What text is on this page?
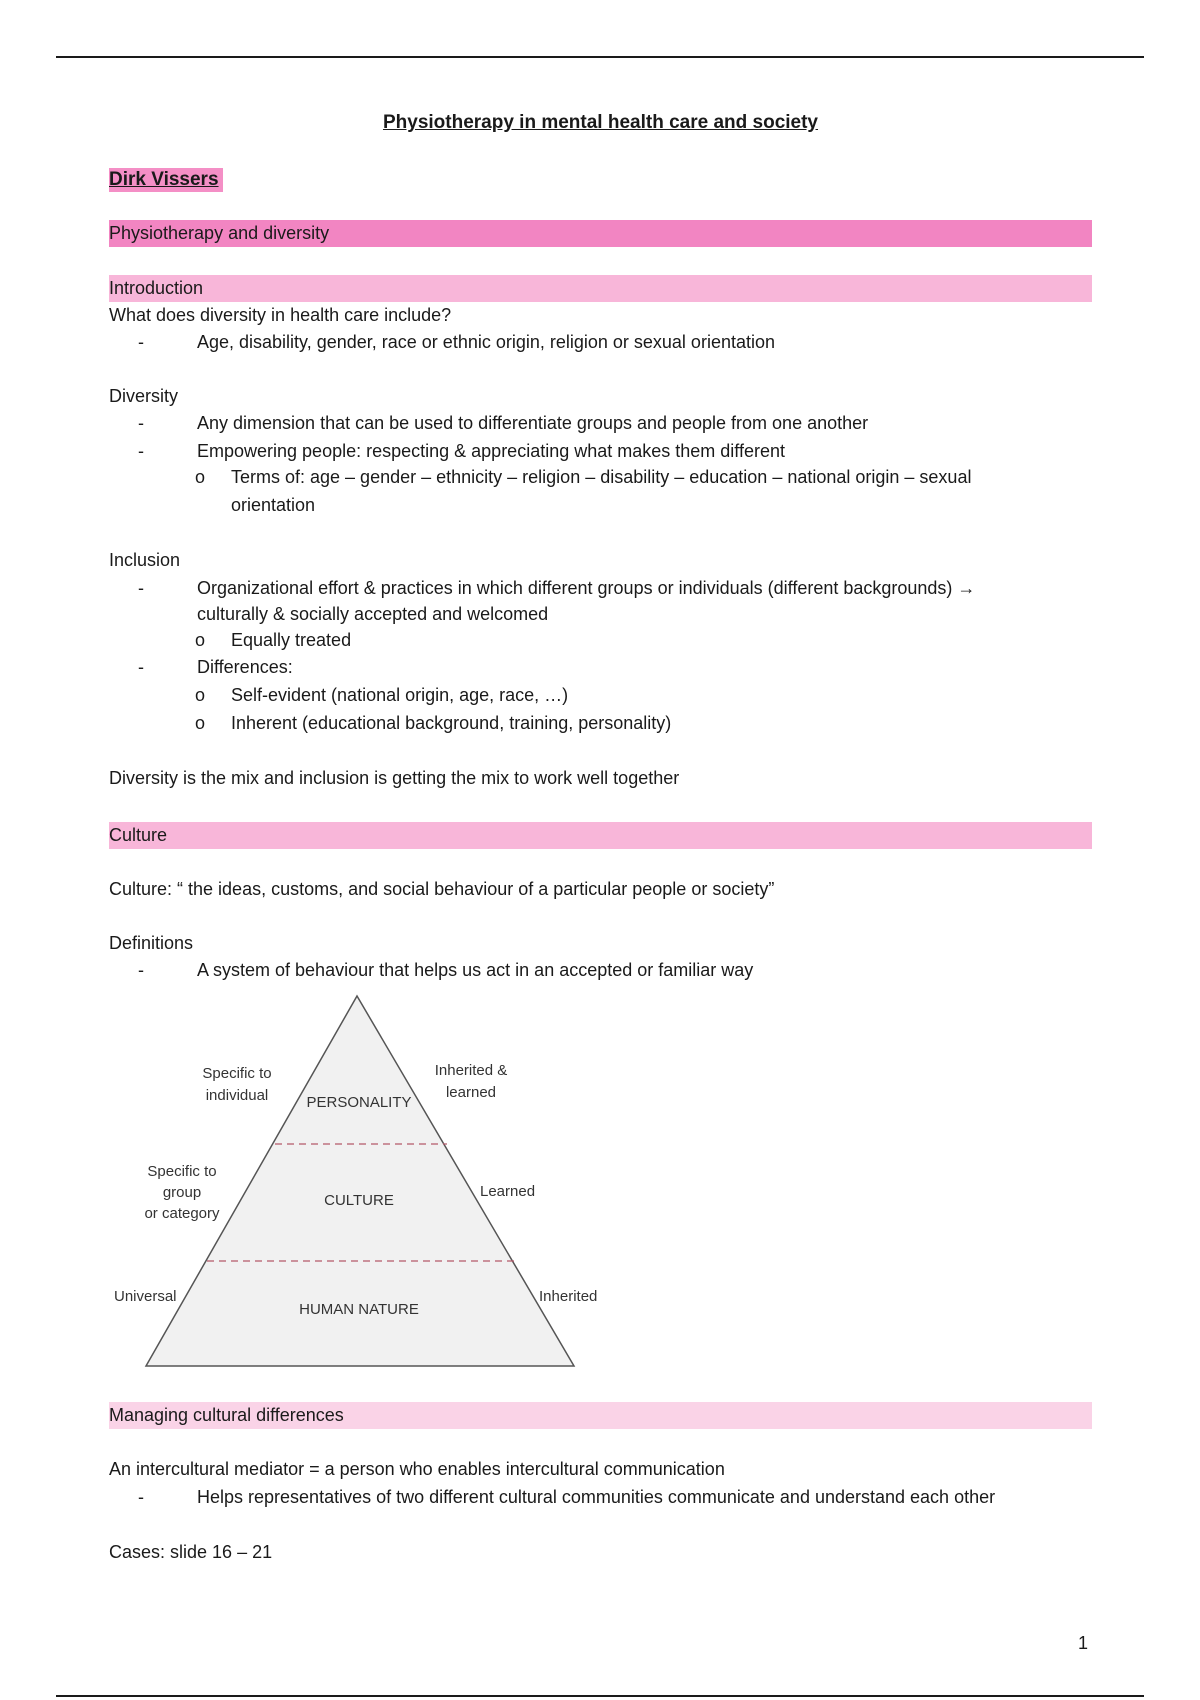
Physiotherapy in mental health care and society
Dirk Vissers
Physiotherapy and diversity
Introduction
What does diversity in health care include?
-	Age, disability, gender, race or ethnic origin, religion or sexual orientation
Diversity
-	Any dimension that can be used to differentiate groups and people from one another
-	Empowering people: respecting & appreciating what makes them different
o Terms of: age – gender – ethnicity – religion – disability – education – national origin – sexual
orientation
Inclusion
-	Organizational effort & practices in which different groups or individuals (different backgrounds) →
culturally & socially accepted and welcomed
o Equally treated
-	Differences:
o Self-evident (national origin, age, race, …)
o Inherent (educational background, training, personality)
Diversity is the mix and inclusion is getting the mix to work well together
Culture
Culture: “ the ideas, customs, and social behaviour of a particular people or society”
Definitions
-	A system of behaviour that helps us act in an accepted or familiar way
Managing cultural differences
An intercultural mediator = a person who enables intercultural communication
-	Helps representatives of two different cultural communities communicate and understand each other
Cases: slide 16 – 21
PERSONALITY
CULTURE
HUMAN NATURE
Specific to
individual
Specific to
group
or category
Universal
Inherited &
learned
Learned
Inherited
1
